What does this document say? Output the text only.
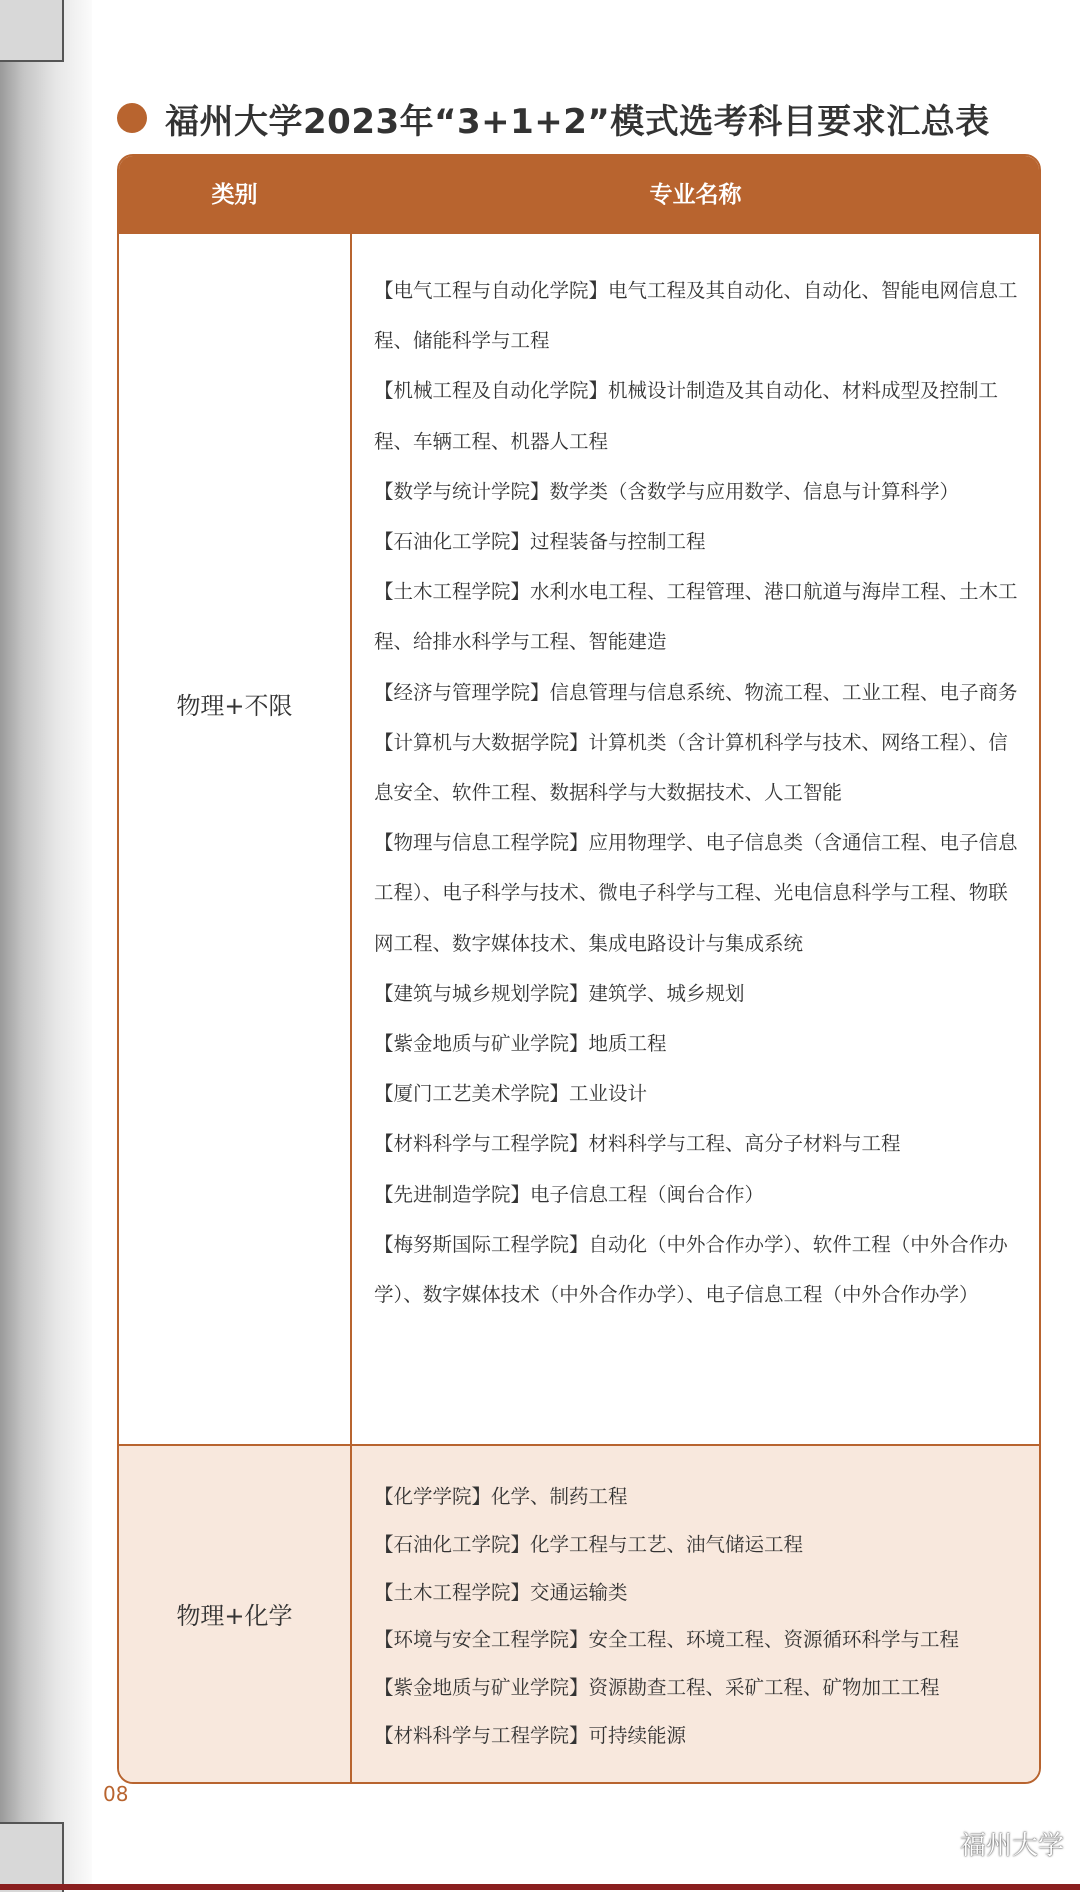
福州大学2023年“3+1+2”模式选考科目要求汇总表
类别	专业名称
物理+不限

【电气工程与自动化学院】电气工程及其自动化、自动化、智能电网信息工程、储能科学与工程

【机械工程及自动化学院】机械设计制造及其自动化、材料成型及控制工程、车辆工程、机器人工程

【数学与统计学院】数学类（含数学与应用数学、信息与计算科学）

【石油化工学院】过程装备与控制工程

【土木工程学院】水利水电工程、工程管理、港口航道与海岸工程、土木工程、给排水科学与工程、智能建造

【经济与管理学院】信息管理与信息系统、物流工程、工业工程、电子商务

【计算机与大数据学院】计算机类（含计算机科学与技术、网络工程）、信息安全、软件工程、数据科学与大数据技术、人工智能

【物理与信息工程学院】应用物理学、电子信息类（含通信工程、电子信息工程）、电子科学与技术、微电子科学与工程、光电信息科学与工程、物联网工程、数字媒体技术、集成电路设计与集成系统

【建筑与城乡规划学院】建筑学、城乡规划

【紫金地质与矿业学院】地质工程

【厦门工艺美术学院】工业设计

【材料科学与工程学院】材料科学与工程、高分子材料与工程

【先进制造学院】电子信息工程（闽台合作）

【梅努斯国际工程学院】自动化（中外合作办学）、软件工程（中外合作办学）、数字媒体技术（中外合作办学）、电子信息工程（中外合作办学）

物理+化学

【化学学院】化学、制药工程

【石油化工学院】化学工程与工艺、油气储运工程

【土木工程学院】交通运输类

【环境与安全工程学院】安全工程、环境工程、资源循环科学与工程

【紫金地质与矿业学院】资源勘查工程、采矿工程、矿物加工工程

【材料科学与工程学院】可持续能源

08
福州大学
